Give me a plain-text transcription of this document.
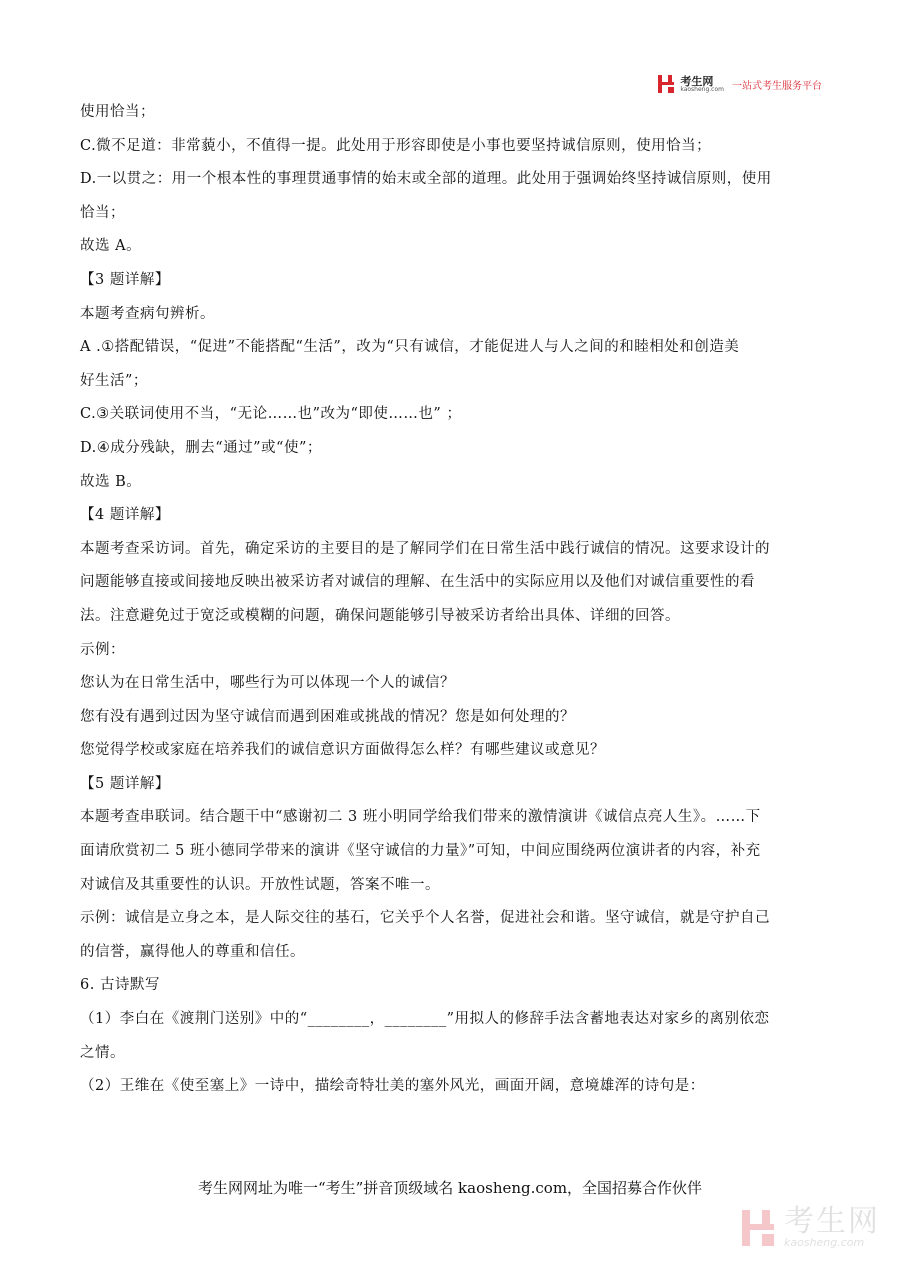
考生网
kaosheng.com 一站式考生服务平台
使用恰当；
C.微不足道：非常藐小，不值得一提。此处用于形容即使是小事也要坚持诚信原则，使用恰当；
D.一以贯之：用一个根本性的事理贯通事情的始末或全部的道理。此处用于强调始终坚持诚信原则，使用
恰当；
故选 A。
【3 题详解】
本题考查病句辨析。
A .①搭配错误，“促进”不能搭配“生活”，改为“只有诚信，才能促进人与人之间的和睦相处和创造美
好生活”；
C.③关联词使用不当，“无论……也”改为“即使……也” ；
D.④成分残缺，删去“通过”或“使”；
故选 B。
【4 题详解】
本题考查采访词。首先，确定采访的主要目的是了解同学们在日常生活中践行诚信的情况。这要求设计的
问题能够直接或间接地反映出被采访者对诚信的理解、在生活中的实际应用以及他们对诚信重要性的看
法。注意避免过于宽泛或模糊的问题，确保问题能够引导被采访者给出具体、详细的回答。
示例：
您认为在日常生活中，哪些行为可以体现一个人的诚信？
您有没有遇到过因为坚守诚信而遇到困难或挑战的情况？您是如何处理的？
您觉得学校或家庭在培养我们的诚信意识方面做得怎么样？有哪些建议或意见？
【5 题详解】
本题考查串联词。结合题干中“感谢初二 3 班小明同学给我们带来的激情演讲《诚信点亮人生》。……下
面请欣赏初二 5 班小德同学带来的演讲《坚守诚信的力量》”可知，中间应围绕两位演讲者的内容，补充
对诚信及其重要性的认识。开放性试题，答案不唯一。
示例：诚信是立身之本，是人际交往的基石，它关乎个人名誉，促进社会和谐。坚守诚信，就是守护自己
的信誉，赢得他人的尊重和信任。
6. 古诗默写
（1）李白在《渡荆门送别》中的“________，________”用拟人的修辞手法含蓄地表达对家乡的离别依恋
之情。
（2）王维在《使至塞上》一诗中，描绘奇特壮美的塞外风光，画面开阔，意境雄浑的诗句是：
考生网网址为唯一“考生”拼音顶级域名 kaosheng.com，全国招募合作伙伴
考生网
kaosheng.com
